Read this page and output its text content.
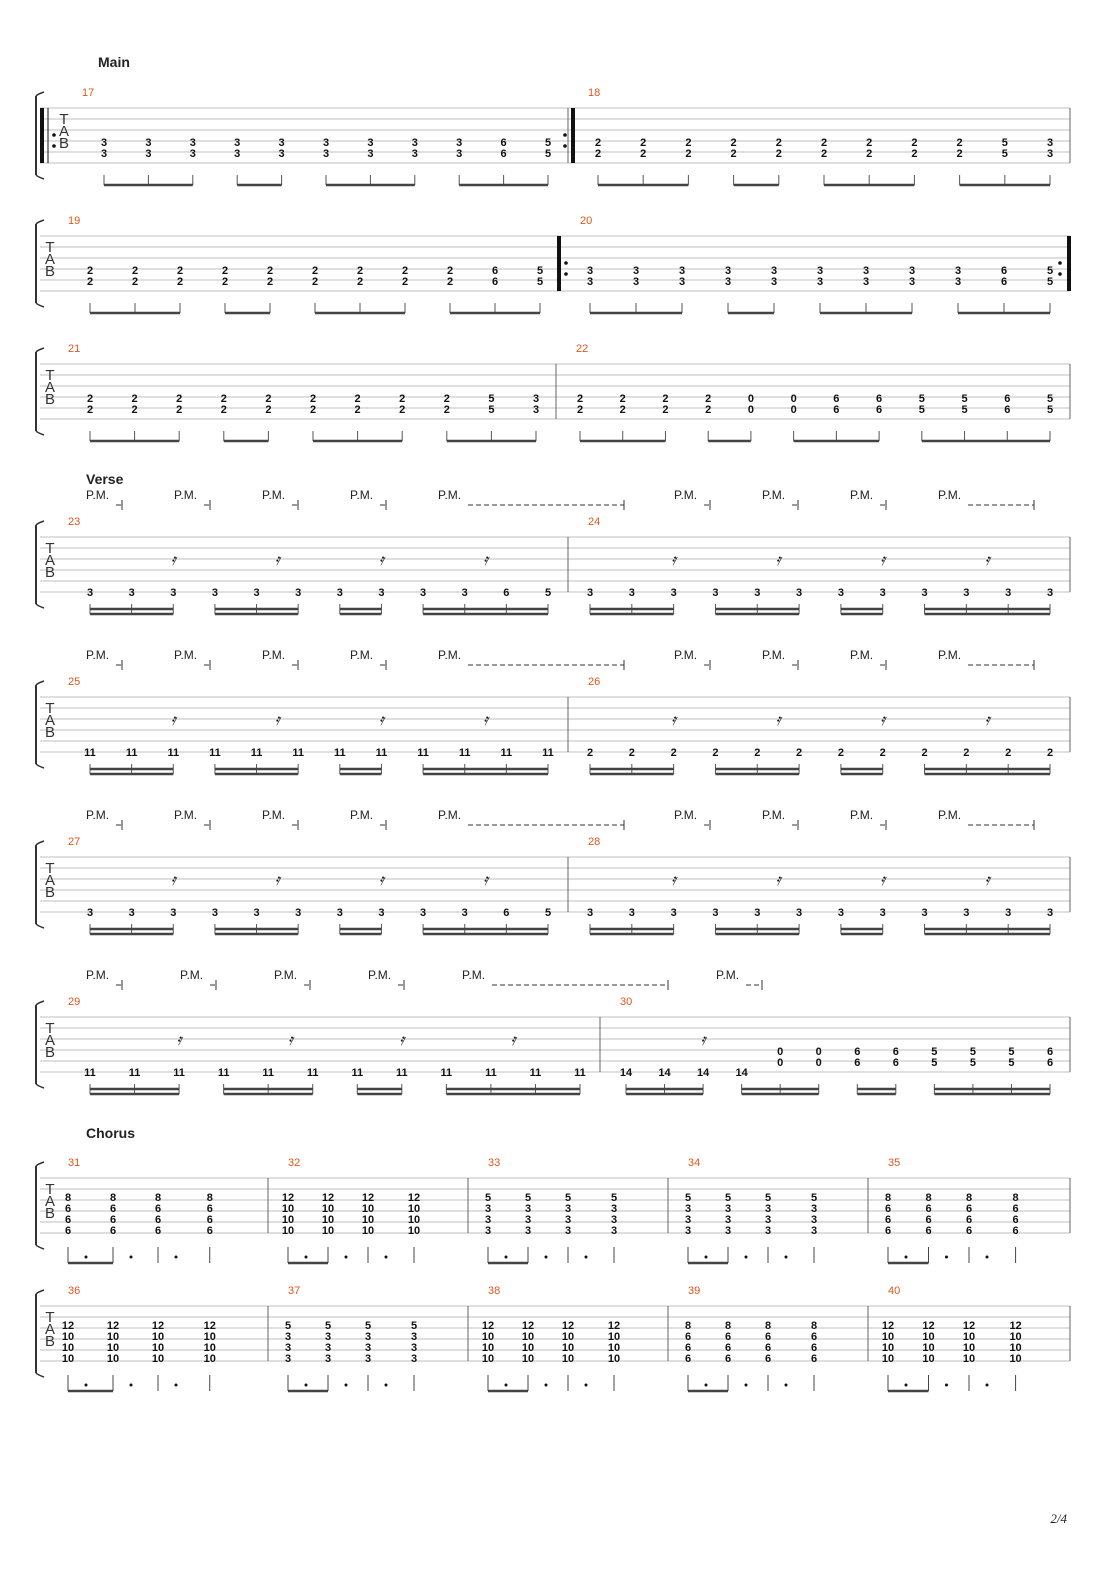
2/4
Main
T
A
B
17
3
3
3
3
3
3
3
3
3
3
3
3
3
3
3
3
3
3
6
6
5
5
18
2
2
2
2
2
2
2
2
2
2
2
2
2
2
2
2
2
2
5
5
3
3
T
A
B
19
2
2
2
2
2
2
2
2
2
2
2
2
2
2
2
2
2
2
6
6
5
5
20
3
3
3
3
3
3
3
3
3
3
3
3
3
3
3
3
3
3
6
6
5
5
T
A
B
21
2
2
2
2
2
2
2
2
2
2
2
2
2
2
2
2
2
2
5
5
3
3
22
2
2
2
2
2
2
2
2
0
0
0
0
6
6
6
6
5
5
5
5
6
6
5
5
Verse
T
A
B
23
3	3	3	3	3	3	3	3	3	3	6	5
𝄿	𝄿	𝄿	𝄿
24
3	3	3	3	3	3	3	3	3	3	3	3
𝄿	𝄿	𝄿	𝄿
P.M.	P.M.	P.M.	P.M.	P.M.	P.M.	P.M.	P.M.	P.M.
T
A
B
25
11	11	11	11	11	11	11	11	11	11	11	11
𝄿	𝄿	𝄿	𝄿
26
2	2	2	2	2	2	2	2	2	2	2	2
𝄿	𝄿	𝄿	𝄿
P.M.	P.M.	P.M.	P.M.	P.M.	P.M.	P.M.	P.M.	P.M.
T
A
B
27
3	3	3	3	3	3	3	3	3	3	6	5
𝄿	𝄿	𝄿	𝄿
28
3	3	3	3	3	3	3	3	3	3	3	3
𝄿	𝄿	𝄿	𝄿
P.M.	P.M.	P.M.	P.M.	P.M.	P.M.	P.M.	P.M.	P.M.
T
A
B
29
11	11	11	11	11	11	11	11	11	11	11	11
𝄿	𝄿	𝄿	𝄿
30
14 14 14 14
0
0
0
0
6
6
6
6
5
5
5
5
5
5
6
6
𝄿
P.M.	P.M.	P.M.	P.M.	P.M.	P.M.
Chorus
T
A
B
31
8
6
6
6
8
6
6
6
8
6
6
6
8
6
6
6
32
12
10
10
10
12
10
10
10
12
10
10
10
12
10
10
10
33
5
3
3
3
5
3
3
3
5
3
3
3
5
3
3
3
34
5
3
3
3
5
3
3
3
5
3
3
3
5
3
3
3
35
8
6
6
6
8
6
6
6
8
6
6
6
8
6
6
6
T
A
B
36
12
10
10
10
12
10
10
10
12
10
10
10
12
10
10
10
37
5
3
3
3
5
3
3
3
5
3
3
3
5
3
3
3
38
12
10
10
10
12
10
10
10
12
10
10
10
12
10
10
10
39
8
6
6
6
8
6
6
6
8
6
6
6
8
6
6
6
40
12
10
10
10
12
10
10
10
12
10
10
10
12
10
10
10
